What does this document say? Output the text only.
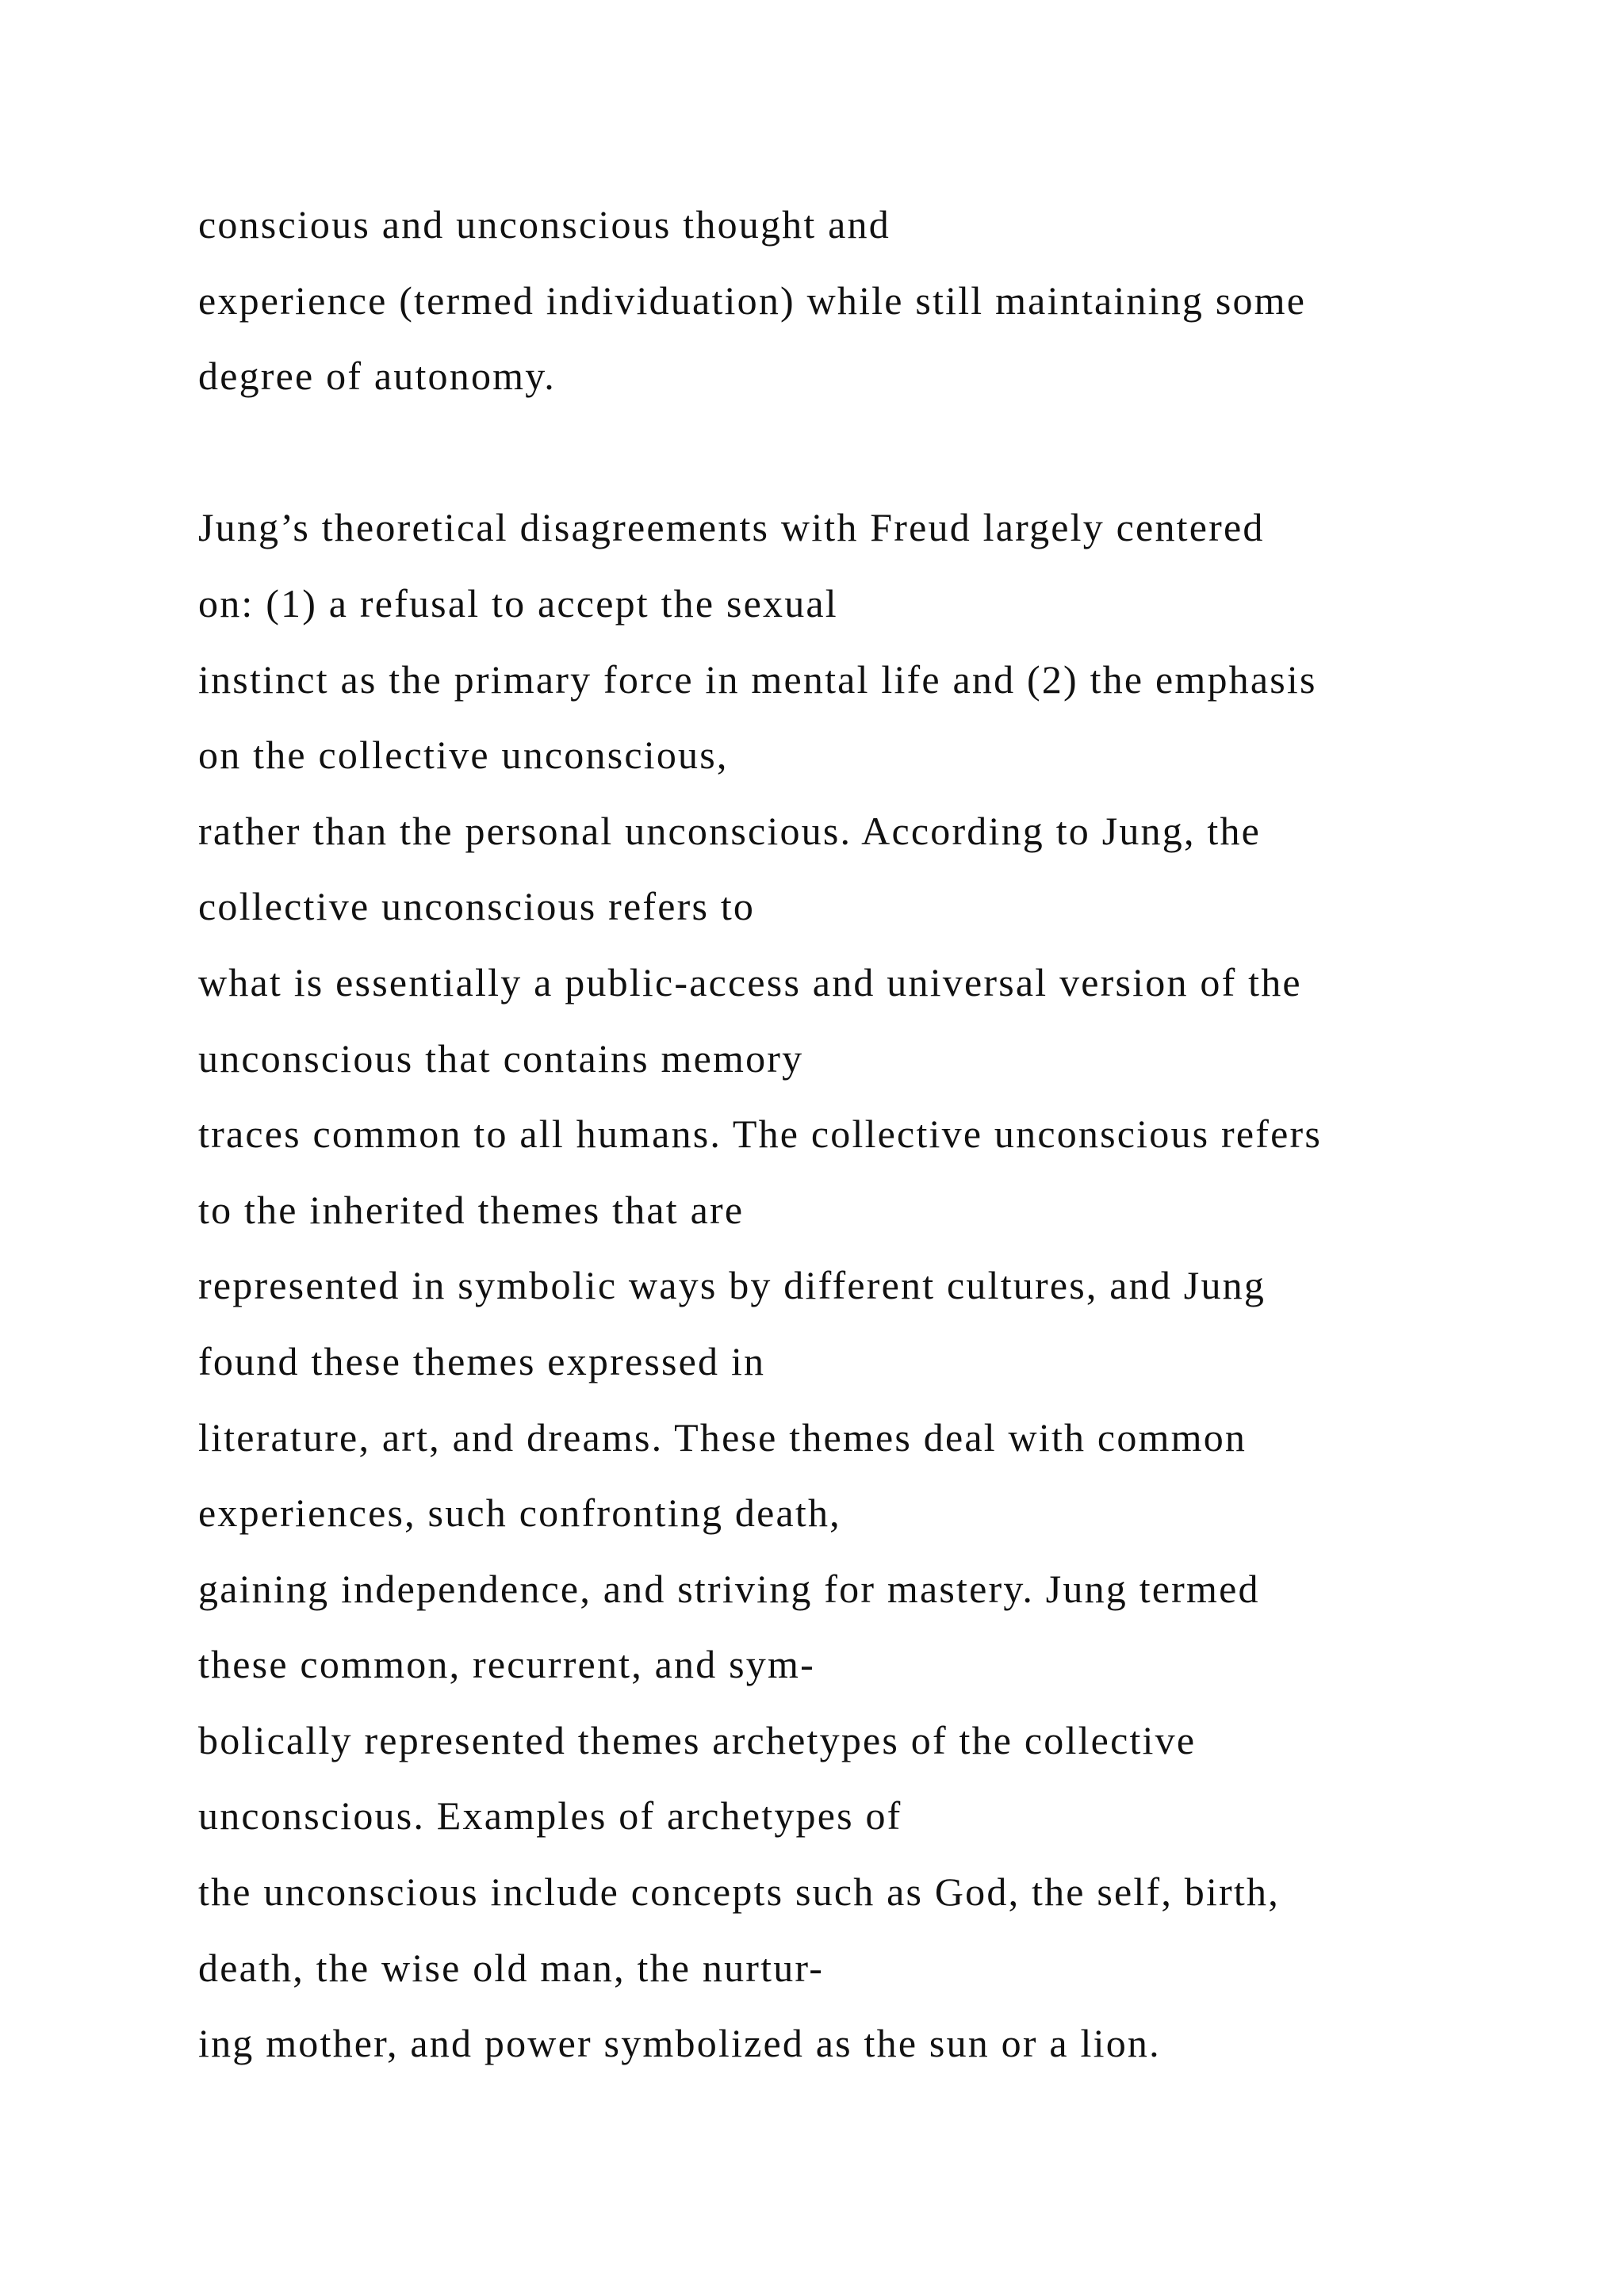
conscious and unconscious thought and
experience (termed individuation) while still maintaining some
degree of autonomy.
Jung’s theoretical disagreements with Freud largely centered
on: (1) a refusal to accept the sexual
instinct as the primary force in mental life and (2) the emphasis
on the collective unconscious,
rather than the personal unconscious. According to Jung, the
collective unconscious refers to
what is essentially a public-access and universal version of the
unconscious that contains memory
traces common to all humans. The collective unconscious refers
to the inherited themes that are
represented in symbolic ways by different cultures, and Jung
found these themes expressed in
literature, art, and dreams. These themes deal with common
experiences, such confronting death,
gaining independence, and striving for mastery. Jung termed
these common, recurrent, and sym-
bolically represented themes archetypes of the collective
unconscious. Examples of archetypes of
the unconscious include concepts such as God, the self, birth,
death, the wise old man, the nurtur-
ing mother, and power symbolized as the sun or a lion.
